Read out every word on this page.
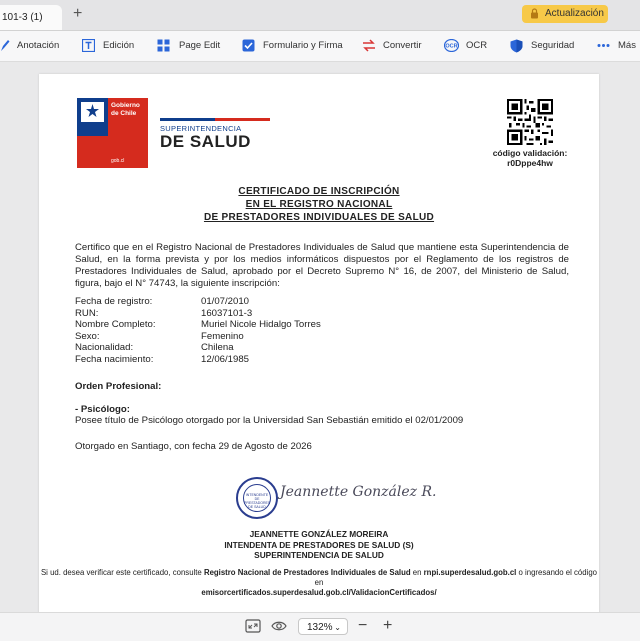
101-3 (1)	+	Actualización
Anotación	Edición	Page Edit	Formulario y Firma	Convertir	OCR OCR	Seguridad	Más
Gobierno
de Chile
gob.cl
SUPERINTENDENCIA
DE SALUD
código validación:
r0Dppe4hw
CERTIFICADO DE INSCRIPCIÓN
EN EL REGISTRO NACIONAL
DE PRESTADORES INDIVIDUALES DE SALUD
Certifico que en el Registro Nacional de Prestadores Individuales de Salud que mantiene esta Superintendencia de Salud, en la forma prevista y por los medios informáticos dispuestos por el Reglamento de los registros de Prestadores Individuales de Salud, aprobado por el Decreto Supremo N° 16, de 2007, del Ministerio de Salud, figura, bajo el N° 74743, la siguiente inscripción:
Fecha de registro:	01/07/2010
RUN:	16037101-3
Nombre Completo:	Muriel Nicole Hidalgo Torres
Sexo:	Femenino
Nacionalidad:	Chilena
Fecha nacimiento:	12/06/1985
Orden Profesional:
- Psicólogo:
Posee título de Psicólogo otorgado por la Universidad San Sebastián emitido el 02/01/2009
Otorgado en Santiago, con fecha 29 de Agosto de 2026
INTENDENTE DE PRESTADORES DE SALUD
Jeannette González R.
JEANNETTE GONZÁLEZ MOREIRA
INTENDENTA DE PRESTADORES DE SALUD (S)
SUPERINTENDENCIA DE SALUD
Si ud. desea verificar este certificado, consulte Registro Nacional de Prestadores Individuales de Salud en rnpi.superdesalud.gob.cl o ingresando el código en
emisorcertificados.superdesalud.gob.cl/ValidacionCertificados/
132% ⌄ − +
